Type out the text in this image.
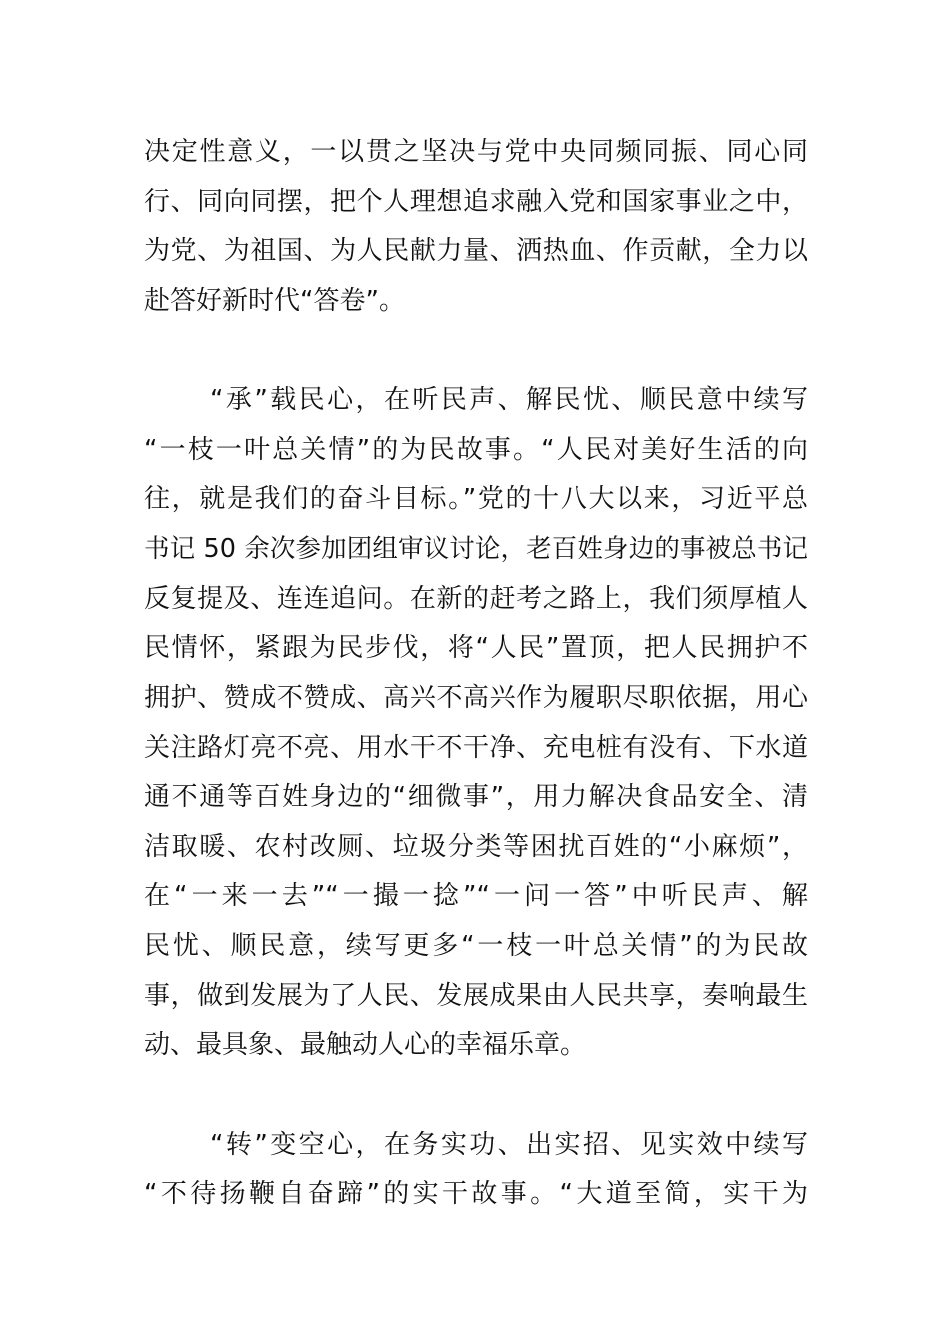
决定性意义，一以贯之坚决与党中央同频同振、同心同
行、同向同摆，把个人理想追求融入党和国家事业之中，
为党、为祖国、为人民献力量、洒热血、作贡献，全力以
赴答好新时代“答卷”。
“承”载民心，在听民声、解民忧、顺民意中续写
“一枝一叶总关情”的为民故事。“人民对美好生活的向
往，就是我们的奋斗目标。”党的十八大以来，习近平总
书记 50 余次参加团组审议讨论，老百姓身边的事被总书记
反复提及、连连追问。在新的赶考之路上，我们须厚植人
民情怀，紧跟为民步伐，将“人民”置顶，把人民拥护不
拥护、赞成不赞成、高兴不高兴作为履职尽职依据，用心
关注路灯亮不亮、用水干不干净、充电桩有没有、下水道
通不通等百姓身边的“细微事”，用力解决食品安全、清
洁取暖、农村改厕、垃圾分类等困扰百姓的“小麻烦”，
在“一来一去”“一撮一捻”“一问一答”中听民声、解
民忧、顺民意，续写更多“一枝一叶总关情”的为民故
事，做到发展为了人民、发展成果由人民共享，奏响最生
动、最具象、最触动人心的幸福乐章。
“转”变空心，在务实功、出实招、见实效中续写
“不待扬鞭自奋蹄”的实干故事。“大道至简，实干为
